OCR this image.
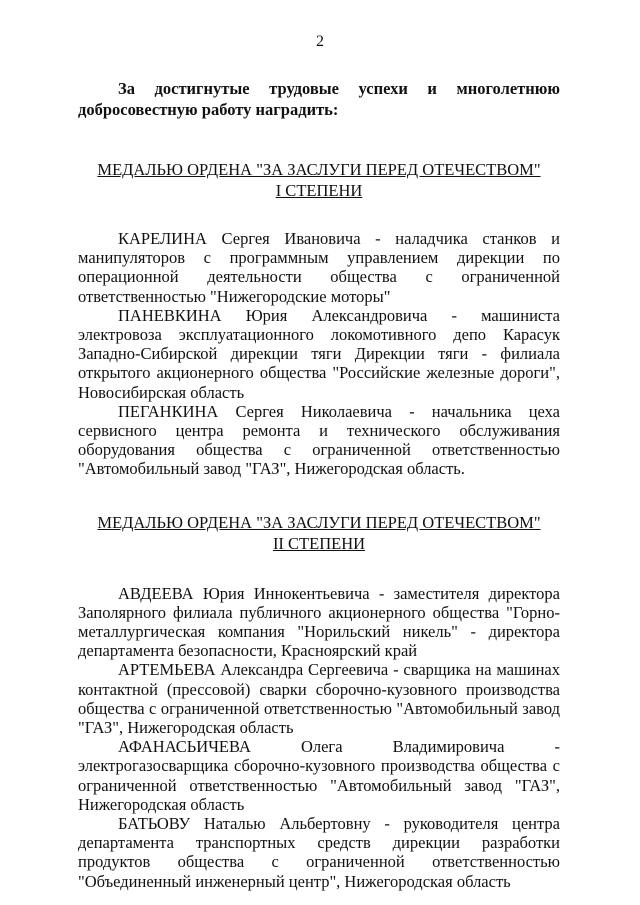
2

За достигнутые трудовые успехи и многолетнюю
добросовестную работу наградить:

МЕДАЛЬЮ ОРДЕНА "ЗА ЗАСЛУГИ ПЕРЕД ОТЕЧЕСТВОМ"
I СТЕПЕНИ

КАРЕЛИНА Сергея Ивановича - наладчика станков и манипуляторов с программным управлением дирекции по операционной деятельности общества с ограниченной ответственностью "Нижегородские моторы"

ПАНЕВКИНА Юрия Александровича - машиниста электровоза эксплуатационного локомотивного депо Карасук Западно-Сибирской дирекции тяги Дирекции тяги - филиала открытого акционерного общества "Российские железные дороги", Новосибирская область

ПЕГАНКИНА Сергея Николаевича - начальника цеха сервисного центра ремонта и технического обслуживания оборудования общества с ограниченной ответственностью "Автомобильный завод "ГАЗ", Нижегородская область.

МЕДАЛЬЮ ОРДЕНА "ЗА ЗАСЛУГИ ПЕРЕД ОТЕЧЕСТВОМ"
II СТЕПЕНИ

АВДЕЕВА Юрия Иннокентьевича - заместителя директора Заполярного филиала публичного акционерного общества "Горно-металлургическая компания "Норильский никель" - директора департамента безопасности, Красноярский край

АРТЕМЬЕВА Александра Сергеевича - сварщика на машинах контактной (прессовой) сварки сборочно-кузовного производства общества с ограниченной ответственностью "Автомобильный завод "ГАЗ", Нижегородская область

АФАНАСЬИЧЕВА Олега Владимировича - электрогазосварщика сборочно-кузовного производства общества с ограниченной ответственностью "Автомобильный завод "ГАЗ", Нижегородская область

БАТЬОВУ Наталью Альбертовну - руководителя центра департамента транспортных средств дирекции разработки продуктов общества с ограниченной ответственностью "Объединенный инженерный центр", Нижегородская область
